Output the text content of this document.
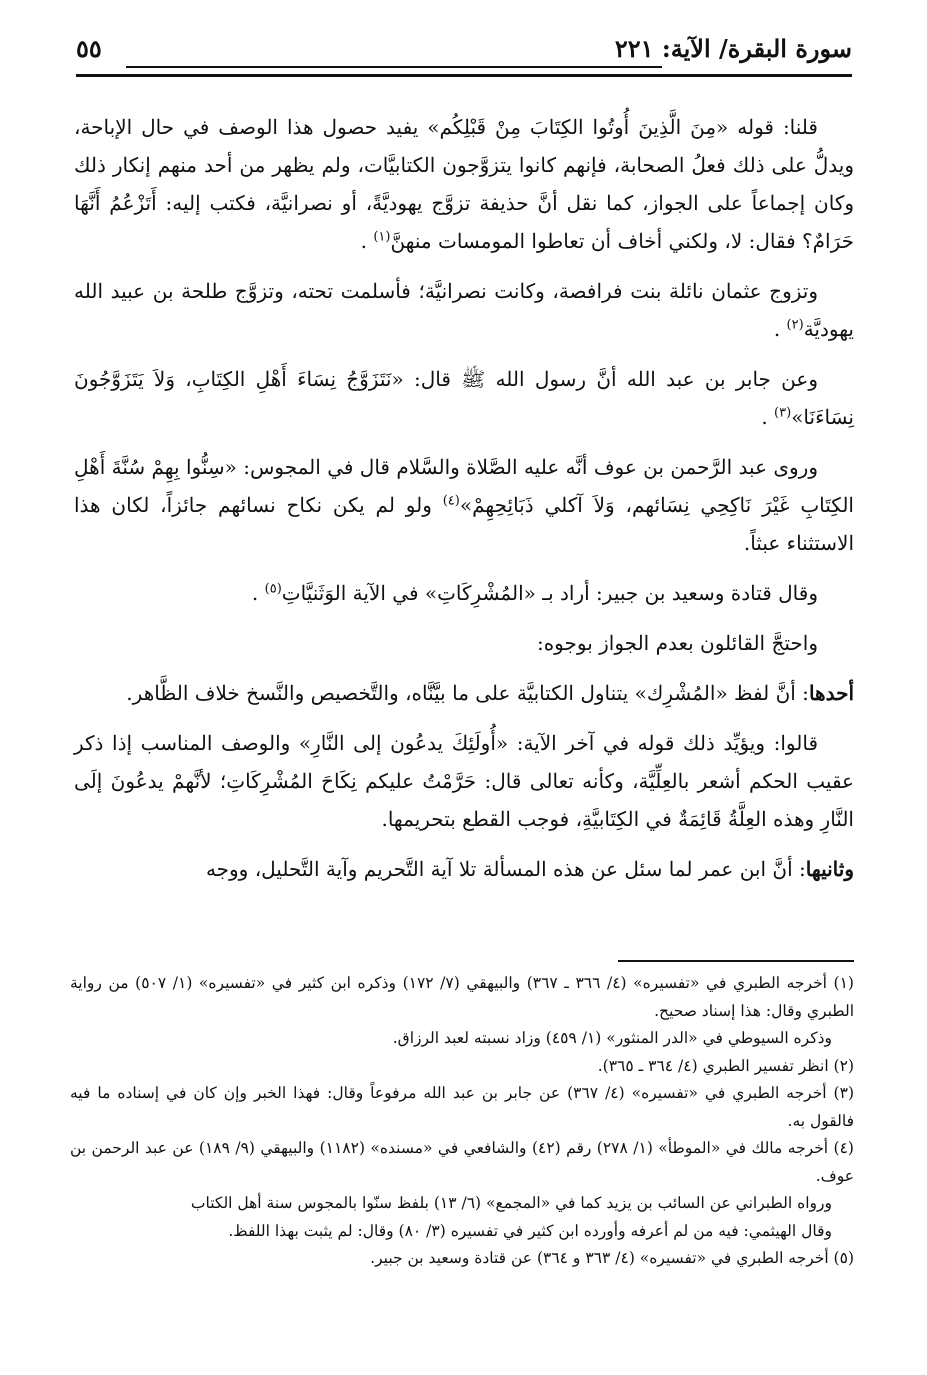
سورة البقرة/ الآية: ٢٢١
٥٥

قلنا: قوله «مِنَ الَّذِينَ أُوتُوا الكِتَابَ مِنْ قَبْلِكُم» يفيد حصول هذا الوصف في حال الإباحة، ويدلُّ على ذلك فعلُ الصحابة، فإنهم كانوا يتزوَّجون الكتابيَّات، ولم يظهر من أحد منهم إنكار ذلك وكان إجماعاً على الجواز، كما نقل أنَّ حذيفة تزوَّج يهوديَّةً، أو نصرانيَّة، فكتب إليه: أَتَزْعُمُ أَنَّهَا حَرَامٌ؟ فقال: لا، ولكني أخاف أن تعاطوا المومسات منهنَّ$^{(١)}$ .

وتزوج عثمان نائلة بنت فرافصة، وكانت نصرانيَّة؛ فأسلمت تحته، وتزوَّج طلحة بن عبيد الله يهوديَّة$^{(٢)}$ .

وعن جابر بن عبد الله أنَّ رسول الله ﷺ قال: «نَتَزَوَّجُ نِسَاءَ أَهْلِ الكِتَابِ، وَلاَ يَتَزَوَّجُونَ نِسَاءَنَا»$^{(٣)}$ .

وروى عبد الرَّحمن بن عوف أنَّه عليه الصَّلاة والسَّلام قال في المجوس: «سِنُّوا بِهِمْ سُنَّةَ أَهْلِ الكِتَابِ غَيْرَ نَاكِحِي نِسَائهم، وَلاَ آكلي ذَبَائِحِهِمْ»$^{(٤)}$ ولو لم يكن نكاح نسائهم جائزاً، لكان هذا الاستثناء عبثاً.

وقال قتادة وسعيد بن جبير: أراد بـ «المُشْرِكَاتِ» في الآية الوَثَنيَّاتِ$^{(٥)}$ .

واحتجَّ القائلون بعدم الجواز بوجوه:

أحدها: أنَّ لفظ «المُشْرِك» يتناول الكتابيَّة على ما بيَّنَّاه، والتَّخصيص والنَّسخ خلاف الظَّاهر.

قالوا: ويؤيِّد ذلك قوله في آخر الآية: «أُولَئِكَ يدعُون إلى النَّارِ» والوصف المناسب إذا ذكر عقيب الحكم أشعر بالعِلِّيَّة، وكأنه تعالى قال: حَرَّمْتُ عليكم نِكَاحَ المُشْرِكَاتِ؛ لأنَّهمْ يدعُونَ إلَى النَّارِ وهذه العِلَّةُ قَائِمَةٌ في الكِتَابيَّةِ، فوجب القطع بتحريمها.

وثانيها: أنَّ ابن عمر لما سئل عن هذه المسألة تلا آية التَّحريم وآية التَّحليل، ووجه

(١) أخرجه الطبري في «تفسيره» (٤/ ٣٦٦ ـ ٣٦٧) والبيهقي (٧/ ١٧٢) وذكره ابن كثير في «تفسيره» (١/ ٥٠٧) من رواية الطبري وقال: هذا إسناد صحيح.

وذكره السيوطي في «الدر المنثور» (١/ ٤٥٩) وزاد نسبته لعبد الرزاق.

(٢) انظر تفسير الطبري (٤/ ٣٦٤ ـ ٣٦٥).

(٣) أخرجه الطبري في «تفسيره» (٤/ ٣٦٧) عن جابر بن عبد الله مرفوعاً وقال: فهذا الخبر وإن كان في إسناده ما فيه فالقول به.

(٤) أخرجه مالك في «الموطأ» (١/ ٢٧٨) رقم (٤٢) والشافعي في «مسنده» (١١٨٢) والبيهقي (٩/ ١٨٩) عن عبد الرحمن بن عوف.

ورواه الطبراني عن السائب بن يزيد كما في «المجمع» (٦/ ١٣) بلفظ سنّوا بالمجوس سنة أهل الكتاب

وقال الهيثمي: فيه من لم أعرفه وأورده ابن كثير في تفسيره (٣/ ٨٠) وقال: لم يثبت بهذا اللفظ.

(٥) أخرجه الطبري في «تفسيره» (٤/ ٣٦٣ و ٣٦٤) عن قتادة وسعيد بن جبير.
